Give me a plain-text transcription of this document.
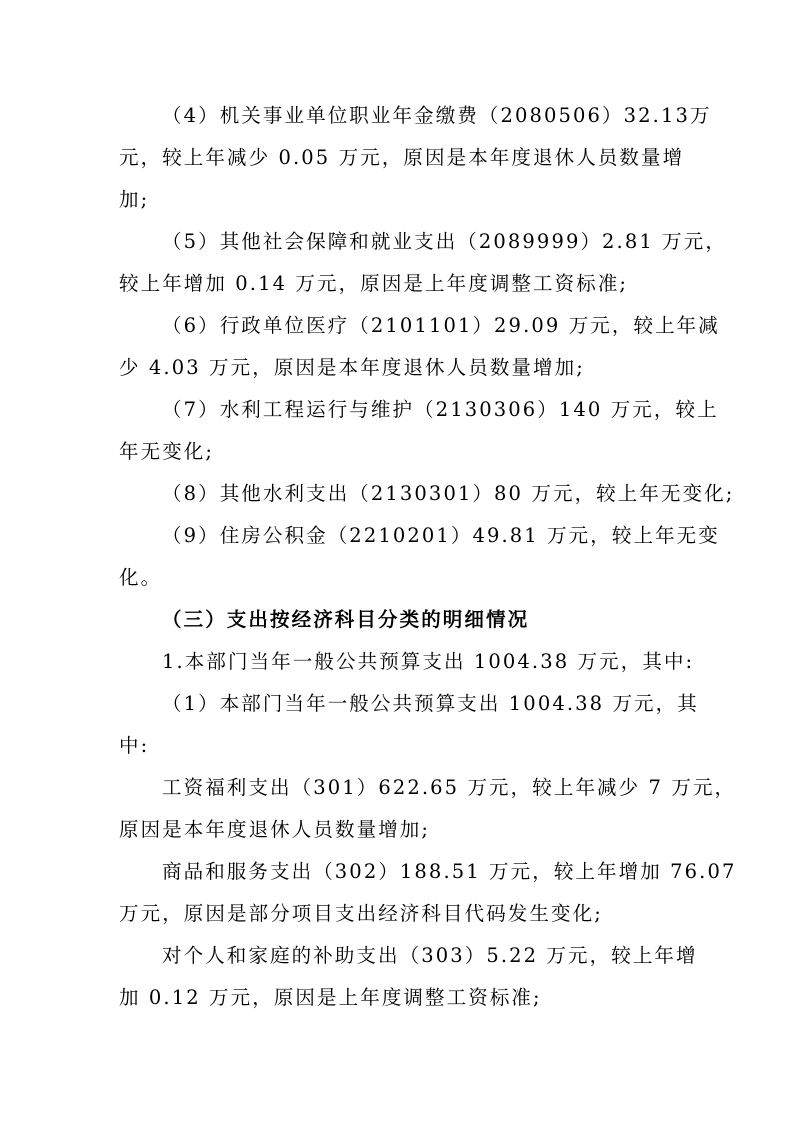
（4）机关事业单位职业年金缴费（2080506）32.13万
元，较上年减少 0.05 万元，原因是本年度退休人员数量增
加;
（5）其他社会保障和就业支出（2089999）2.81 万元，
较上年增加 0.14 万元，原因是上年度调整工资标准;
（6）行政单位医疗（2101101）29.09 万元，较上年减
少 4.03 万元，原因是本年度退休人员数量增加;
（7）水利工程运行与维护（2130306）140 万元，较上
年无变化;
（8）其他水利支出（2130301）80 万元，较上年无变化;
（9）住房公积金（2210201）49.81 万元，较上年无变
化。
（三）支出按经济科目分类的明细情况
1.本部门当年一般公共预算支出 1004.38 万元，其中:
（1）本部门当年一般公共预算支出 1004.38 万元，其
中:
工资福利支出（301）622.65 万元，较上年减少 7 万元，
原因是本年度退休人员数量增加;
商品和服务支出（302）188.51 万元，较上年增加 76.07
万元，原因是部分项目支出经济科目代码发生变化;
对个人和家庭的补助支出（303）5.22 万元，较上年增
加 0.12 万元，原因是上年度调整工资标准;
